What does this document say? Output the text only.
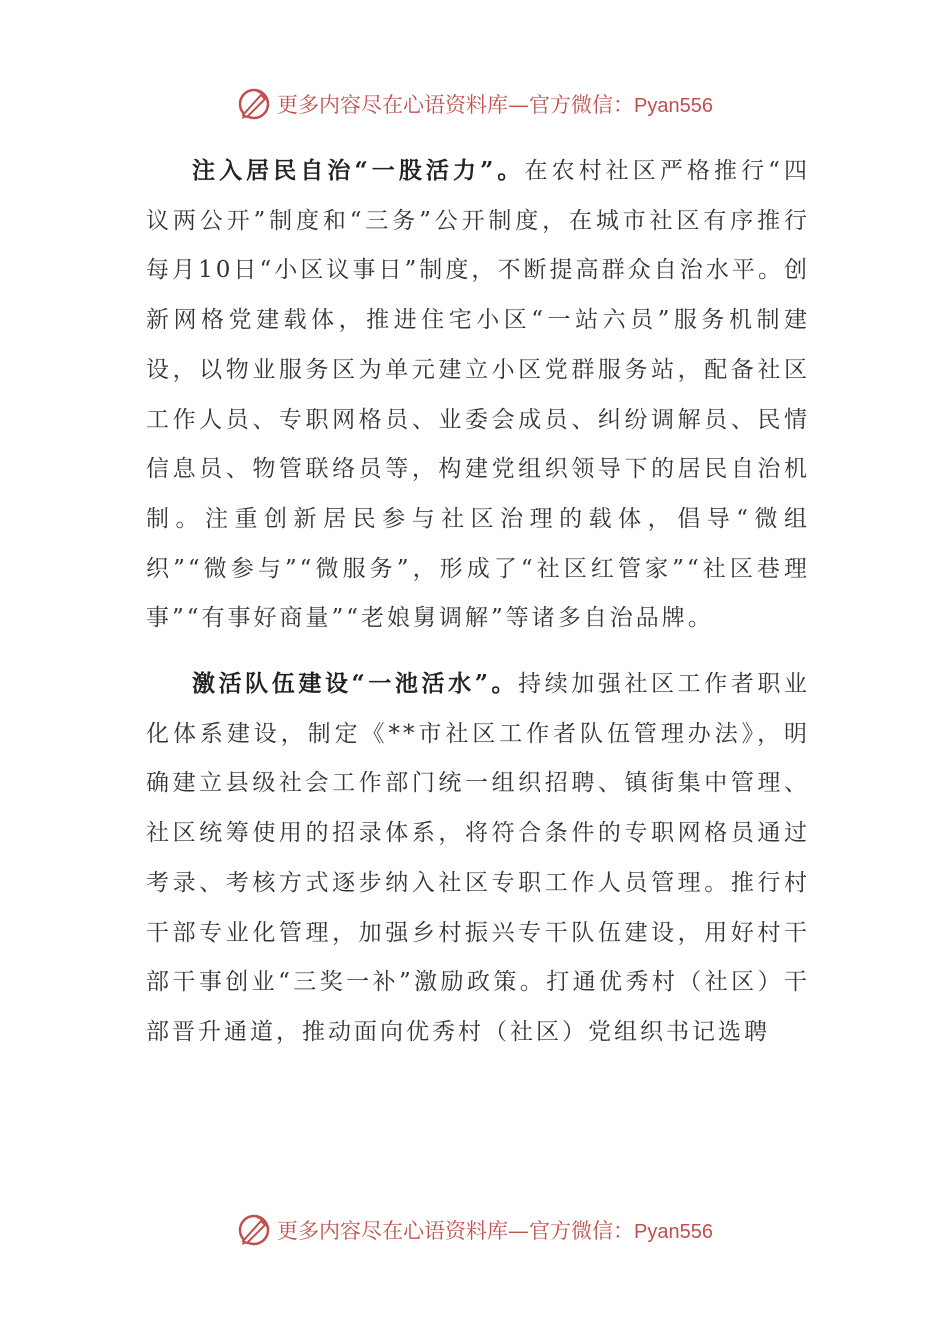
更多内容尽在心语资料库—官方微信：Pyan556

注入居民自治“一股活力”。在农村社区严格推行“四议两公开”制度和“三务”公开制度，在城市社区有序推行每月10日“小区议事日”制度，不断提高群众自治水平。创新网格党建载体，推进住宅小区“一站六员”服务机制建设，以物业服务区为单元建立小区党群服务站，配备社区工作人员、专职网格员、业委会成员、纠纷调解员、民情信息员、物管联络员等，构建党组织领导下的居民自治机制。注重创新居民参与社区治理的载体，倡导“微组织”“微参与”“微服务”，形成了“社区红管家”“社区巷理事”“有事好商量”“老娘舅调解”等诸多自治品牌。

激活队伍建设“一池活水”。持续加强社区工作者职业化体系建设，制定《**市社区工作者队伍管理办法》，明确建立县级社会工作部门统一组织招聘、镇街集中管理、社区统筹使用的招录体系，将符合条件的专职网格员通过考录、考核方式逐步纳入社区专职工作人员管理。推行村干部专业化管理，加强乡村振兴专干队伍建设，用好村干部干事创业“三奖一补”激励政策。打通优秀村（社区）干部晋升通道，推动面向优秀村（社区）党组织书记选聘

更多内容尽在心语资料库—官方微信：Pyan556
